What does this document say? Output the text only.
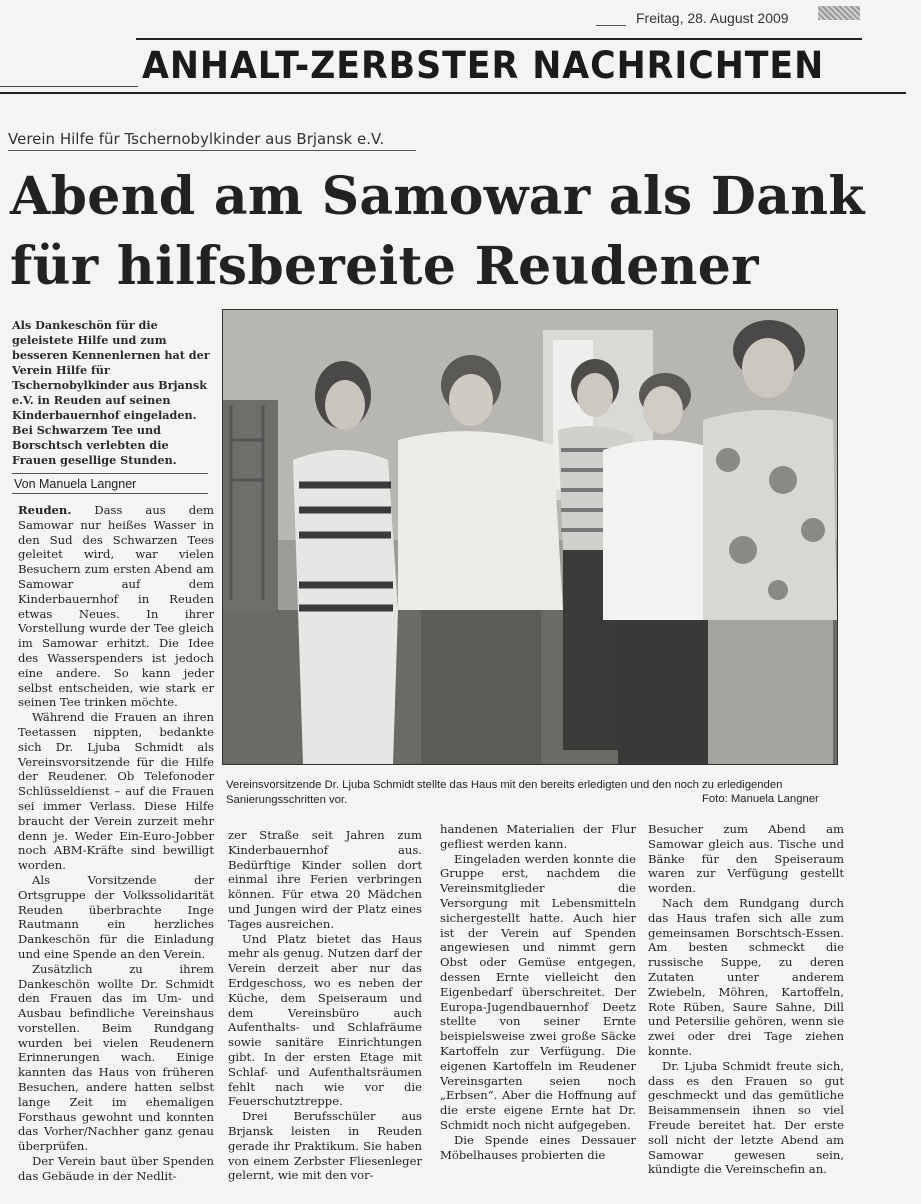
Freitag, 28. August 2009
ANHALT-ZERBSTER NACHRICHTEN
Verein Hilfe für Tschernobylkinder aus Brjansk e.V.
Abend am Samowar als Dank
für hilfsbereite Reudener
Als Dankeschön für die geleistete Hilfe und zum besseren Kennenlernen hat der Verein Hilfe für Tschernobylkinder aus Brjansk e.V. in Reuden auf seinen Kinderbauernhof eingeladen. Bei Schwarzem Tee und Borschtsch verlebten die Frauen gesellige Stunden.
Von Manuela Langner
Vereinsvorsitzende Dr. Ljuba Schmidt stellte das Haus mit den bereits erledigten und den noch zu erledigenden Sanierungsschritten vor.	Foto: Manuela Langner

Reuden. Dass aus dem Samowar nur heißes Wasser in den Sud des Schwarzen Tees geleitet wird, war vielen Besuchern zum ersten Abend am Samowar auf dem Kinderbauernhof in Reuden etwas Neues. In ihrer Vorstellung wurde der Tee gleich im Samowar erhitzt. Die Idee des Wasserspenders ist jedoch eine andere. So kann jeder selbst entscheiden, wie stark er seinen Tee trinken möchte.

Während die Frauen an ihren Teetassen nippten, bedankte sich Dr. Ljuba Schmidt als Vereinsvorsitzende für die Hilfe der Reudener. Ob Telefonoder Schlüsseldienst – auf die Frauen sei immer Verlass. Diese Hilfe braucht der Verein zurzeit mehr denn je. Weder Ein-Euro-Jobber noch ABM-Kräfte sind bewilligt worden.

Als Vorsitzende der Ortsgruppe der Volkssolidarität Reuden überbrachte Inge Rautmann ein herzliches Dankeschön für die Einladung und eine Spende an den Verein.

Zusätzlich zu ihrem Dankeschön wollte Dr. Schmidt den Frauen das im Um- und Ausbau befindliche Vereinshaus vorstellen. Beim Rundgang wurden bei vielen Reudenern Erinnerungen wach. Einige kannten das Haus von früheren Besuchen, andere hatten selbst lange Zeit im ehemaligen Forsthaus gewohnt und konnten das Vorher/Nachher ganz genau überprüfen.

Der Verein baut über Spenden das Gebäude in der Nedlit-

zer Straße seit Jahren zum Kinderbauernhof aus. Bedürftige Kinder sollen dort einmal ihre Ferien verbringen können. Für etwa 20 Mädchen und Jungen wird der Platz eines Tages ausreichen.

Und Platz bietet das Haus mehr als genug. Nutzen darf der Verein derzeit aber nur das Erdgeschoss, wo es neben der Küche, dem Speiseraum und dem Vereinsbüro auch Aufenthalts- und Schlafräume sowie sanitäre Einrichtungen gibt. In der ersten Etage mit Schlaf- und Aufenthaltsräumen fehlt nach wie vor die Feuerschutztreppe.

Drei Berufsschüler aus Brjansk leisten in Reuden gerade ihr Praktikum. Sie haben von einem Zerbster Fliesenleger gelernt, wie mit den vor-

handenen Materialien der Flur gefliest werden kann.

Eingeladen werden konnte die Gruppe erst, nachdem die Vereinsmitglieder die Versorgung mit Lebensmitteln sichergestellt hatte. Auch hier ist der Verein auf Spenden angewiesen und nimmt gern Obst oder Gemüse entgegen, dessen Ernte vielleicht den Eigenbedarf überschreitet. Der Europa-Jugendbauernhof Deetz stellte von seiner Ernte beispielsweise zwei große Säcke Kartoffeln zur Verfügung. Die eigenen Kartoffeln im Reudener Vereinsgarten seien noch „Erbsen“. Aber die Hoffnung auf die erste eigene Ernte hat Dr. Schmidt noch nicht aufgegeben.

Die Spende eines Dessauer Möbelhauses probierten die

Besucher zum Abend am Samowar gleich aus. Tische und Bänke für den Speiseraum waren zur Verfügung gestellt worden.

Nach dem Rundgang durch das Haus trafen sich alle zum gemeinsamen Borschtsch-Essen. Am besten schmeckt die russische Suppe, zu deren Zutaten unter anderem Zwiebeln, Möhren, Kartoffeln, Rote Rüben, Saure Sahne, Dill und Petersilie gehören, wenn sie zwei oder drei Tage ziehen konnte.

Dr. Ljuba Schmidt freute sich, dass es den Frauen so gut geschmeckt und das gemütliche Beisammensein ihnen so viel Freude bereitet hat. Der erste soll nicht der letzte Abend am Samowar gewesen sein, kündigte die Vereinschefin an.
